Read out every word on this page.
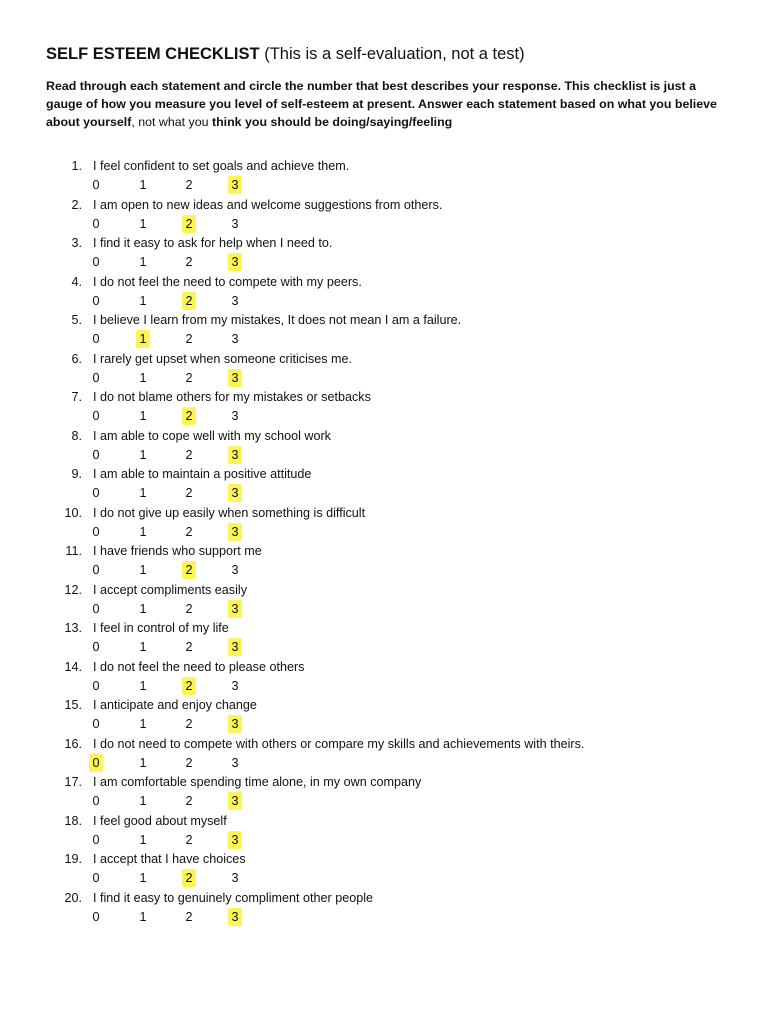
SELF ESTEEM CHECKLIST (This is a self-evaluation, not a test)

Read through each statement and circle the number that best describes your response. This checklist is just a gauge of how you measure you level of self-esteem at present. Answer each statement based on what you believe about yourself, not what you think you should be doing/saying/feeling

1. I feel confident to set goals and achieve them.
0	1	2	3
2. I am open to new ideas and welcome suggestions from others.
0	1	2	3
3. I find it easy to ask for help when I need to.
0	1	2	3
4. I do not feel the need to compete with my peers.
0	1	2	3
5. I believe I learn from my mistakes, It does not mean I am a failure.
0	1	2	3
6. I rarely get upset when someone criticises me.
0	1	2	3
7. I do not blame others for my mistakes or setbacks
0	1	2	3
8. I am able to cope well with my school work
0	1	2	3
9. I am able to maintain a positive attitude
0	1	2	3
10. I do not give up easily when something is difficult
0	1	2	3
11. I have friends who support me
0	1	2	3
12. I accept compliments easily
0	1	2	3
13. I feel in control of my life
0	1	2	3
14. I do not feel the need to please others
0	1	2	3
15. I anticipate and enjoy change
0	1	2	3
16. I do not need to compete with others or compare my skills and achievements with theirs.
0	1	2	3
17. I am comfortable spending time alone, in my own company
0	1	2	3
18. I feel good about myself
0	1	2	3
19. I accept that I have choices
0	1	2	3
20. I find it easy to genuinely compliment other people
0	1	2	3
